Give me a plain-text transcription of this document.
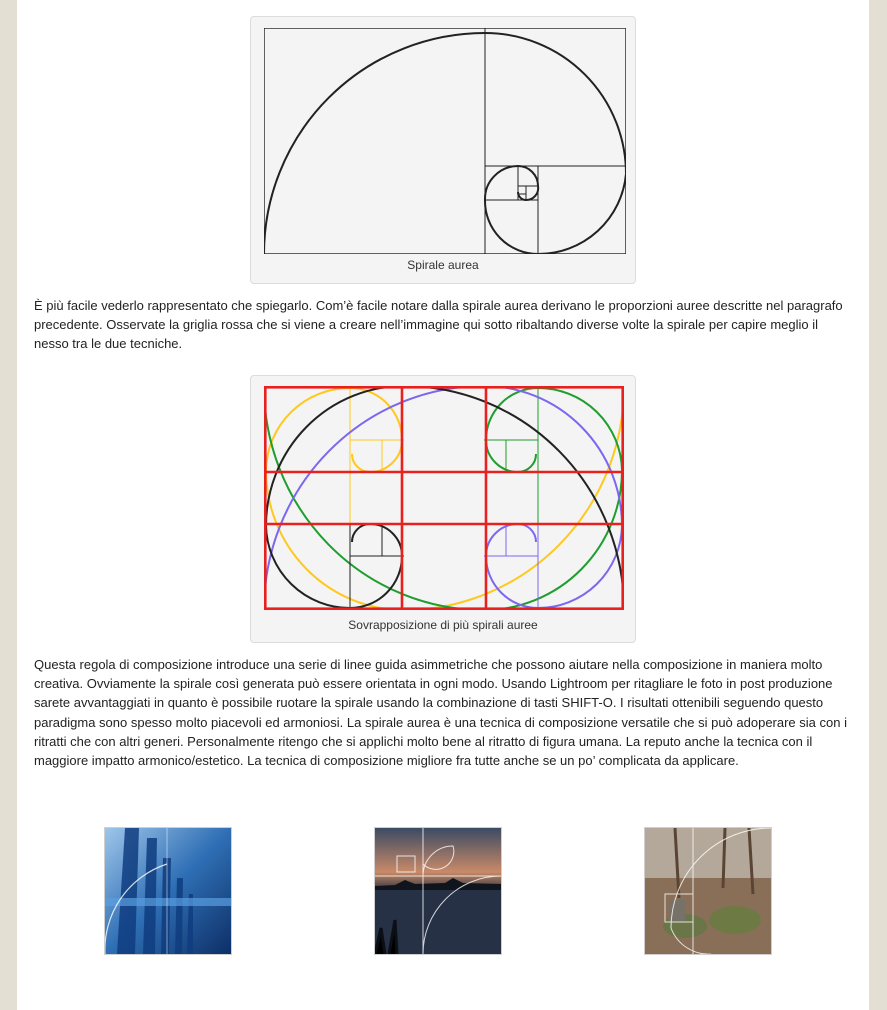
Spirale aurea

È più facile vederlo rappresentato che spiegarlo. Com’è facile notare dalla spirale aurea derivano le proporzioni auree descritte nel paragrafo precedente. Osservate la griglia rossa che si viene a creare nell’immagine qui sotto ribaltando diverse volte la spirale per capire meglio il nesso tra le due tecniche.

Sovrapposizione di più spirali auree

Questa regola di composizione introduce una serie di linee guida asimmetriche che possono aiutare nella composizione in maniera molto creativa. Ovviamente la spirale così generata può essere orientata in ogni modo. Usando Lightroom per ritagliare le foto in post produzione sarete avvantaggiati in quanto è possibile ruotare la spirale usando la combinazione di tasti SHIFT-O. I risultati ottenibili seguendo questo paradigma sono spesso molto piacevoli ed armoniosi. La spirale aurea è una tecnica di composizione versatile che si può adoperare sia con i ritratti che con altri generi. Personalmente ritengo che si applichi molto bene al ritratto di figura umana. La reputo anche la tecnica con il maggiore impatto armonico/estetico. La tecnica di composizione migliore fra tutte anche se un po’ complicata da applicare.
